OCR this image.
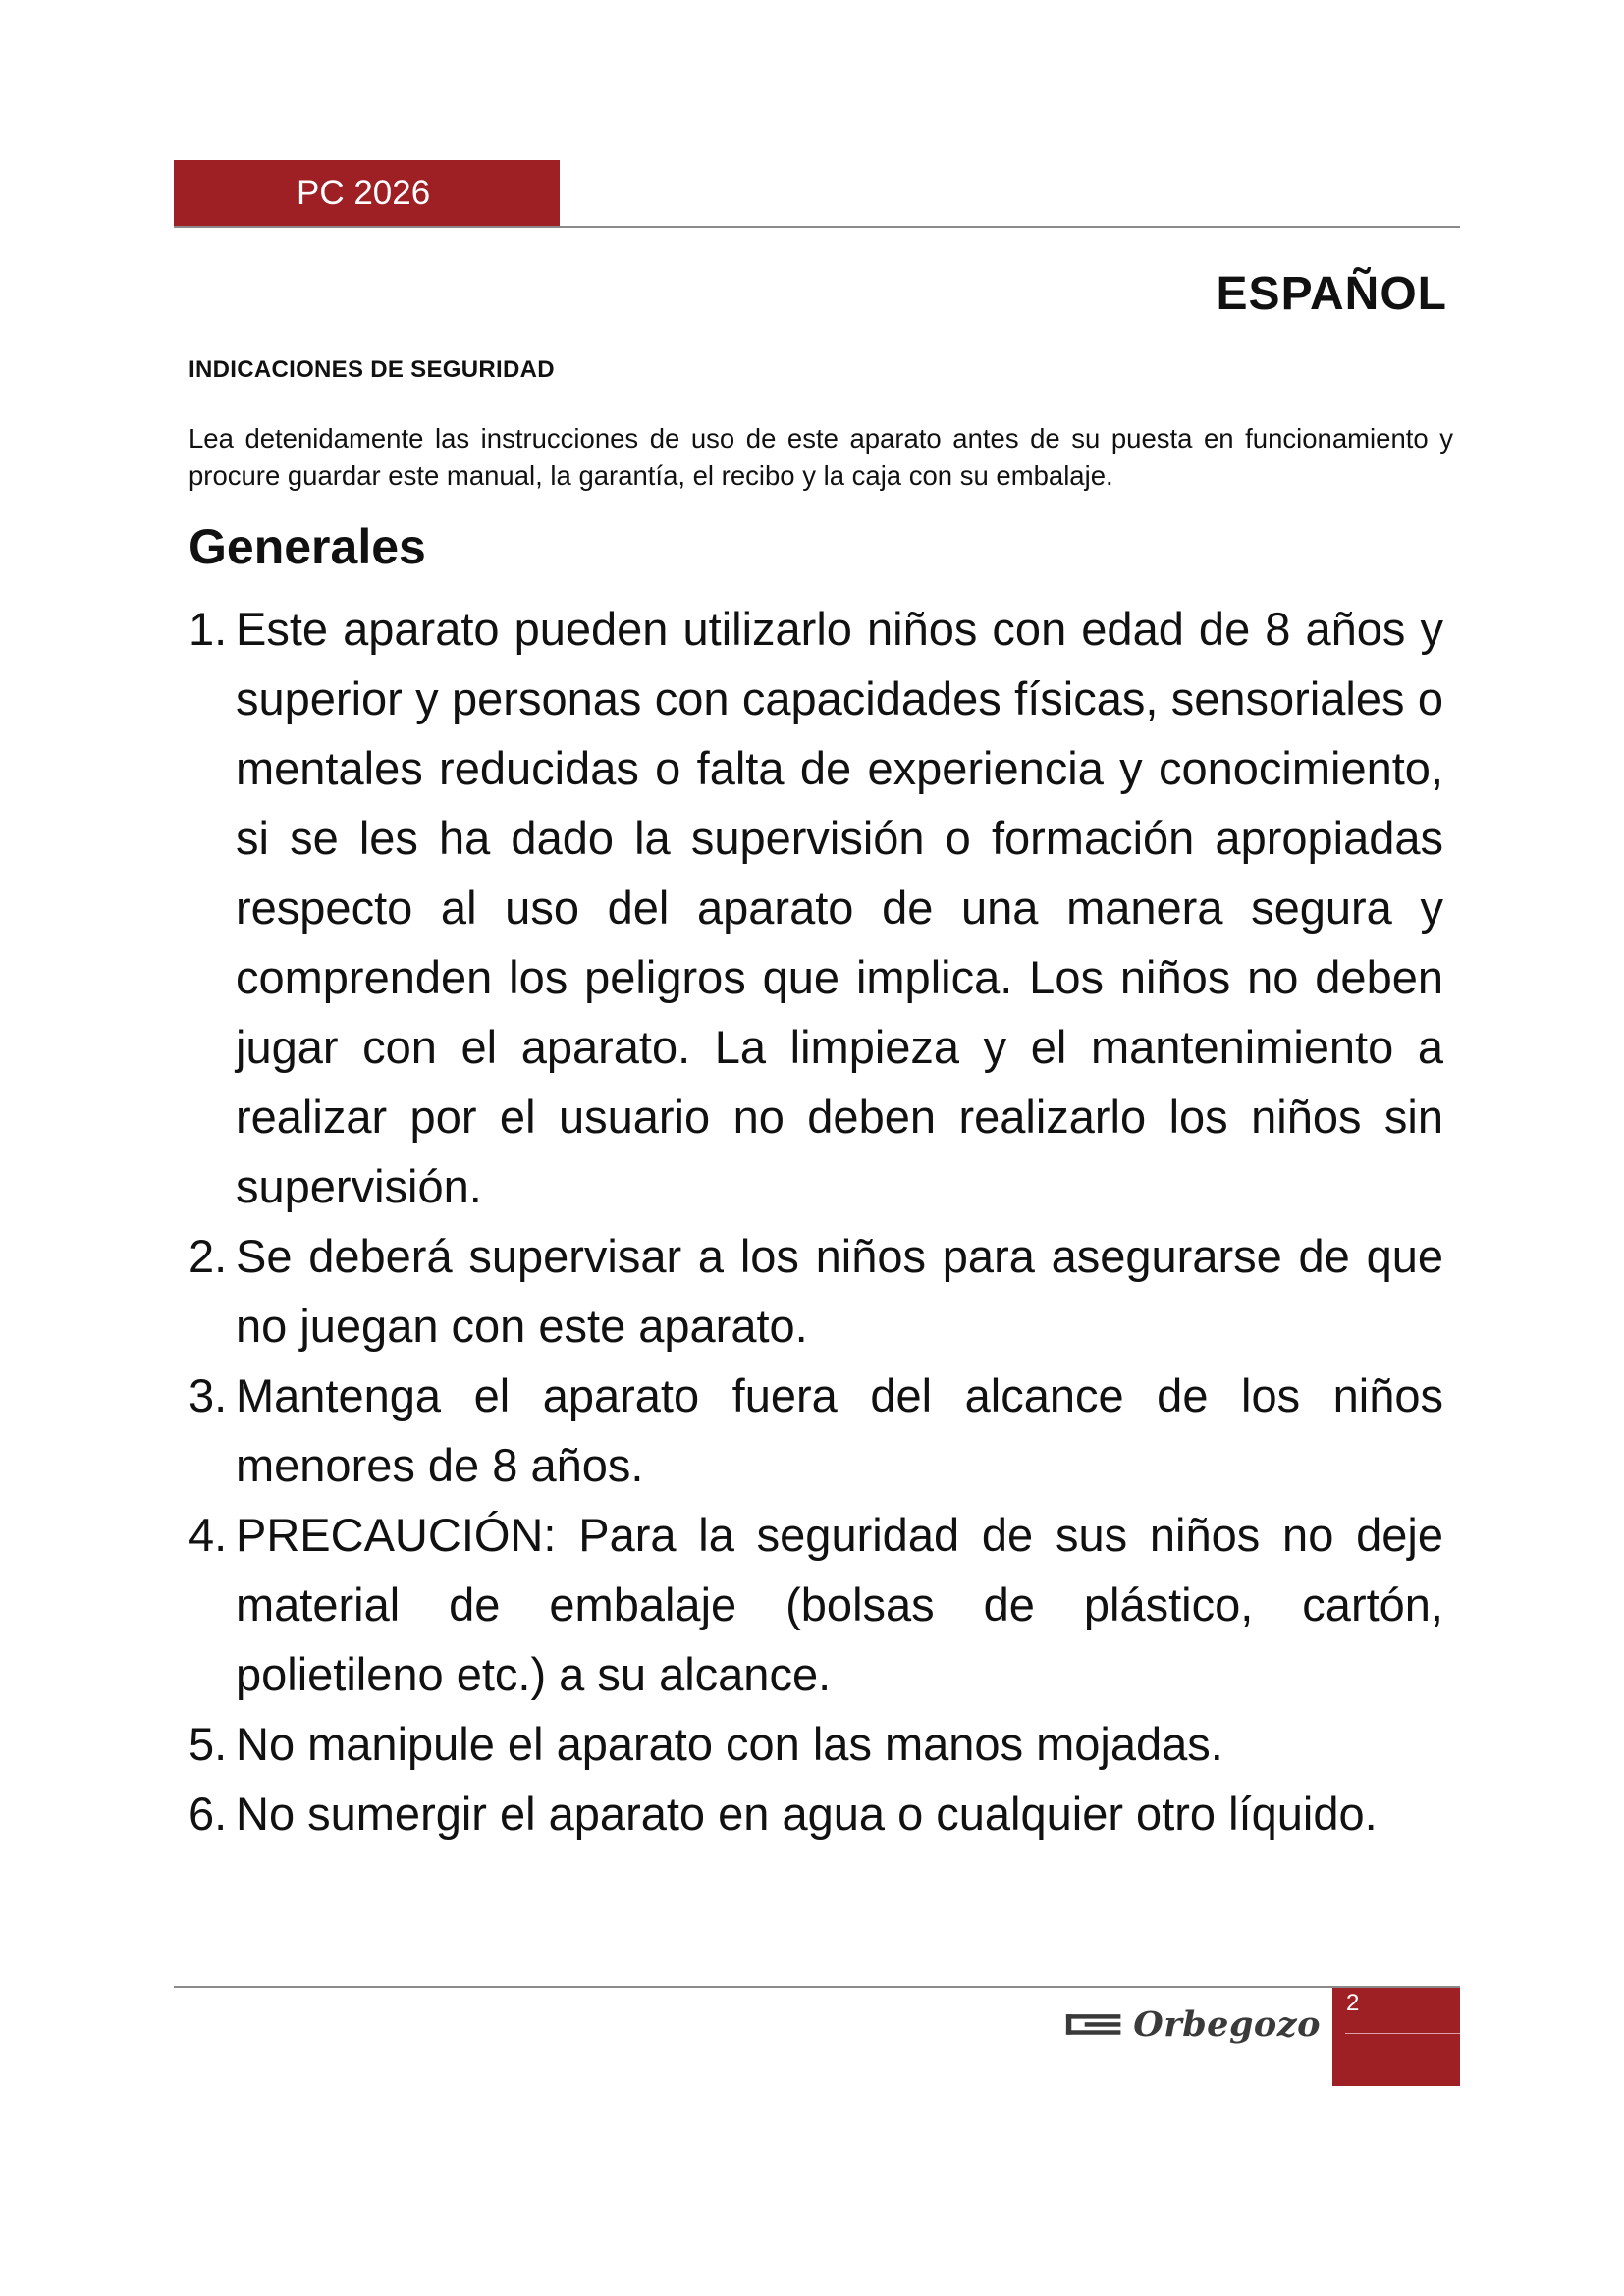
PC 2026
ESPAÑOL
INDICACIONES DE SEGURIDAD
Lea detenidamente las instrucciones de uso de este aparato antes de su puesta en funcionamiento y procure guardar este manual, la garantía, el recibo y la caja con su embalaje.
Generales
1. Este aparato pueden utilizarlo niños con edad de 8 años y superior y personas con capacidades físicas, sensoriales o mentales reducidas o falta de experiencia y conocimiento, si se les ha dado la supervisión o formación apropiadas respecto al uso del aparato de una manera segura y comprenden los peligros que implica. Los niños no deben jugar con el aparato. La limpieza y el mantenimiento a realizar por el usuario no deben realizarlo los niños sin supervisión.
2. Se deberá supervisar a los niños para asegurarse de que no juegan con este aparato.
3. Mantenga el aparato fuera del alcance de los niños menores de 8 años.
4. PRECAUCIÓN: Para la seguridad de sus niños no deje material de embalaje (bolsas de plástico, cartón, polietileno etc.) a su alcance.
5. No manipule el aparato con las manos mojadas.
6. No sumergir el aparato en agua o cualquier otro líquido.
Orbegozo
2
